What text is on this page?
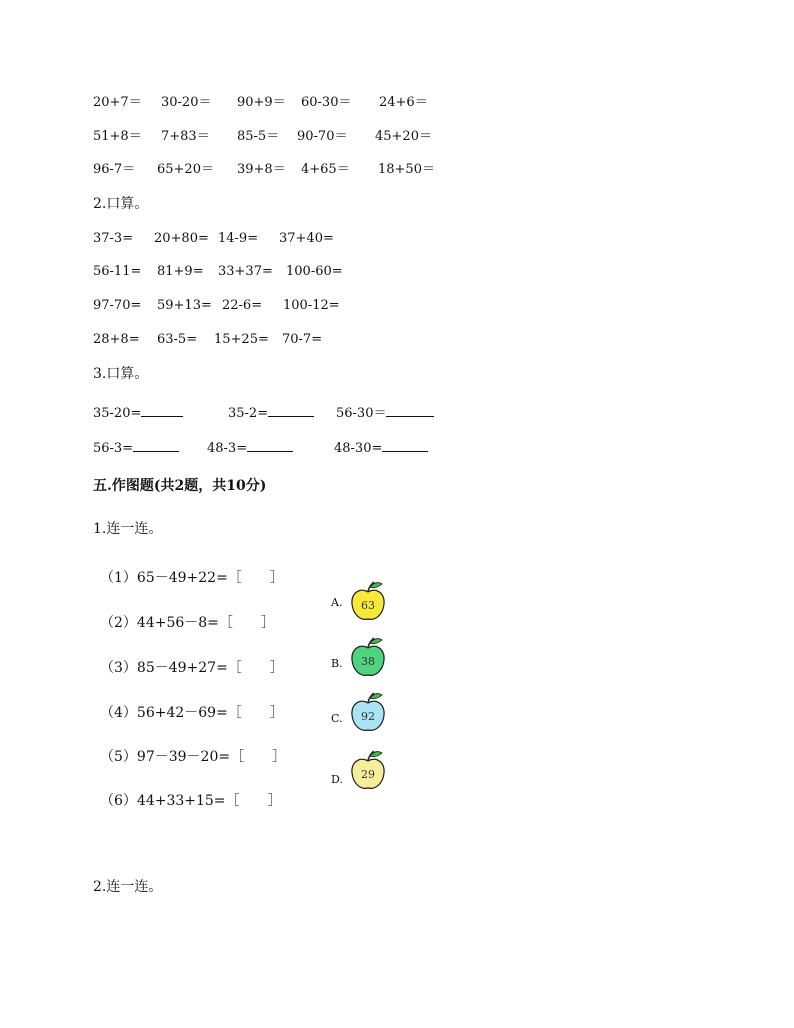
20+7＝ 30-20＝ 90+9＝ 60-30＝ 24+6＝
51+8＝ 7+83＝ 85-5＝ 90-70＝ 45+20＝
96-7＝ 65+20＝ 39+8＝ 4+65＝ 18+50＝
2.口算。
37-3= 20+80= 14-9= 37+40=
56-11= 81+9= 33+37= 100-60=
97-70= 59+13= 22-6= 100-12=
28+8= 63-5= 15+25= 70-7=
3.口算。
35-20=	35-2=	56-30＝
56-3=	48-3=	48-30=
五.作图题(共2题，共10分)
1.连一连。
（1）65－49+22=［　　］
（2）44+56－8=［　　］
（3）85－49+27=［　　］
（4）56+42－69=［　　］
（5）97－39－20=［　　］
（6）44+33+15=［　　］
A. 63
B. 38
C. 92
D. 29
2.连一连。
